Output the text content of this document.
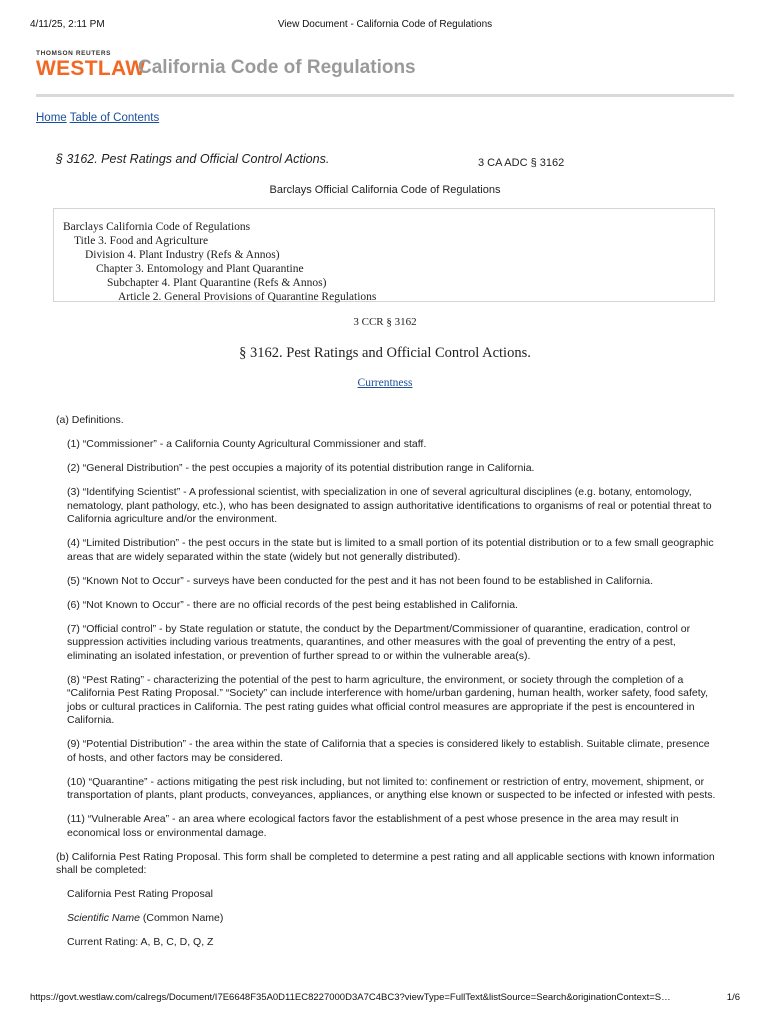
4/11/25, 2:11 PM	View Document - California Code of Regulations
THOMSON REUTERS
WESTLAW
California Code of Regulations
Home Table of Contents
§ 3162. Pest Ratings and Official Control Actions.	3 CA ADC § 3162
Barclays Official California Code of Regulations
Barclays California Code of Regulations
Title 3. Food and Agriculture
Division 4. Plant Industry (Refs & Annos)
Chapter 3. Entomology and Plant Quarantine
Subchapter 4. Plant Quarantine (Refs & Annos)
Article 2. General Provisions of Quarantine Regulations
3 CCR § 3162
§ 3162. Pest Ratings and Official Control Actions.
Currentness

(a) Definitions.

(1) “Commissioner” - a California County Agricultural Commissioner and staff.

(2) “General Distribution” - the pest occupies a majority of its potential distribution range in California.

(3) “Identifying Scientist” - A professional scientist, with specialization in one of several agricultural disciplines (e.g. botany, entomology, nematology, plant pathology, etc.), who has been designated to assign authoritative identifications to organisms of real or potential threat to California agriculture and/or the environment.

(4) “Limited Distribution” - the pest occurs in the state but is limited to a small portion of its potential distribution or to a few small geographic areas that are widely separated within the state (widely but not generally distributed).

(5) “Known Not to Occur” - surveys have been conducted for the pest and it has not been found to be established in California.

(6) “Not Known to Occur” - there are no official records of the pest being established in California.

(7) “Official control” - by State regulation or statute, the conduct by the Department/Commissioner of quarantine, eradication, control or suppression activities including various treatments, quarantines, and other measures with the goal of preventing the entry of a pest, eliminating an isolated infestation, or prevention of further spread to or within the vulnerable area(s).

(8) “Pest Rating” - characterizing the potential of the pest to harm agriculture, the environment, or society through the completion of a “California Pest Rating Proposal.” “Society” can include interference with home/urban gardening, human health, worker safety, food safety, jobs or cultural practices in California. The pest rating guides what official control measures are appropriate if the pest is encountered in California.

(9) “Potential Distribution” - the area within the state of California that a species is considered likely to establish. Suitable climate, presence of hosts, and other factors may be considered.

(10) “Quarantine” - actions mitigating the pest risk including, but not limited to: confinement or restriction of entry, movement, shipment, or transportation of plants, plant products, conveyances, appliances, or anything else known or suspected to be infected or infested with pests.

(11) “Vulnerable Area” - an area where ecological factors favor the establishment of a pest whose presence in the area may result in economical loss or environmental damage.

(b) California Pest Rating Proposal. This form shall be completed to determine a pest rating and all applicable sections with known information shall be completed:

California Pest Rating Proposal

Scientific Name (Common Name)

Current Rating: A, B, C, D, Q, Z

https://govt.westlaw.com/calregs/Document/I7E6648F35A0D11EC8227000D3A7C4BC3?viewType=FullText&listSource=Search&originationContext=S…	1/6
